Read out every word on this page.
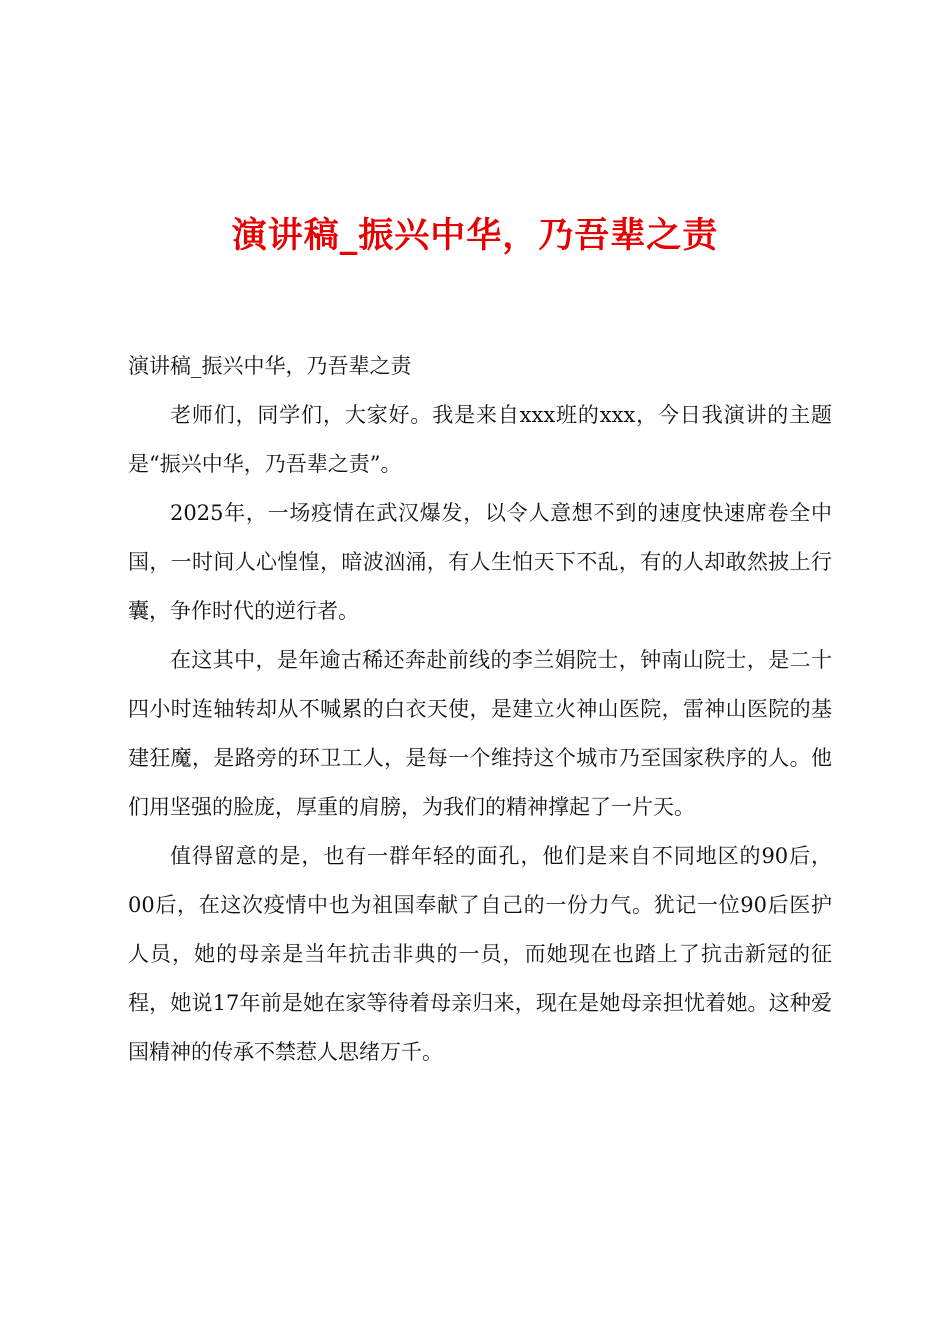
演讲稿_振兴中华，乃吾辈之责

演讲稿_振兴中华，乃吾辈之责

老师们，同学们，大家好。我是来自xxx班的xxx，今日我演讲的主题是“振兴中华，乃吾辈之责”。

2025年，一场疫情在武汉爆发，以令人意想不到的速度快速席卷全中国，一时间人心惶惶，暗波汹涌，有人生怕天下不乱，有的人却敢然披上行囊，争作时代的逆行者。

在这其中，是年逾古稀还奔赴前线的李兰娟院士，钟南山院士，是二十四小时连轴转却从不喊累的白衣天使，是建立火神山医院，雷神山医院的基建狂魔，是路旁的环卫工人，是每一个维持这个城市乃至国家秩序的人。他们用坚强的脸庞，厚重的肩膀，为我们的精神撑起了一片天。

值得留意的是，也有一群年轻的面孔，他们是来自不同地区的90后，00后，在这次疫情中也为祖国奉献了自己的一份力气。犹记一位90后医护人员，她的母亲是当年抗击非典的一员，而她现在也踏上了抗击新冠的征程，她说17年前是她在家等待着母亲归来，现在是她母亲担忧着她。这种爱国精神的传承不禁惹人思绪万千。
